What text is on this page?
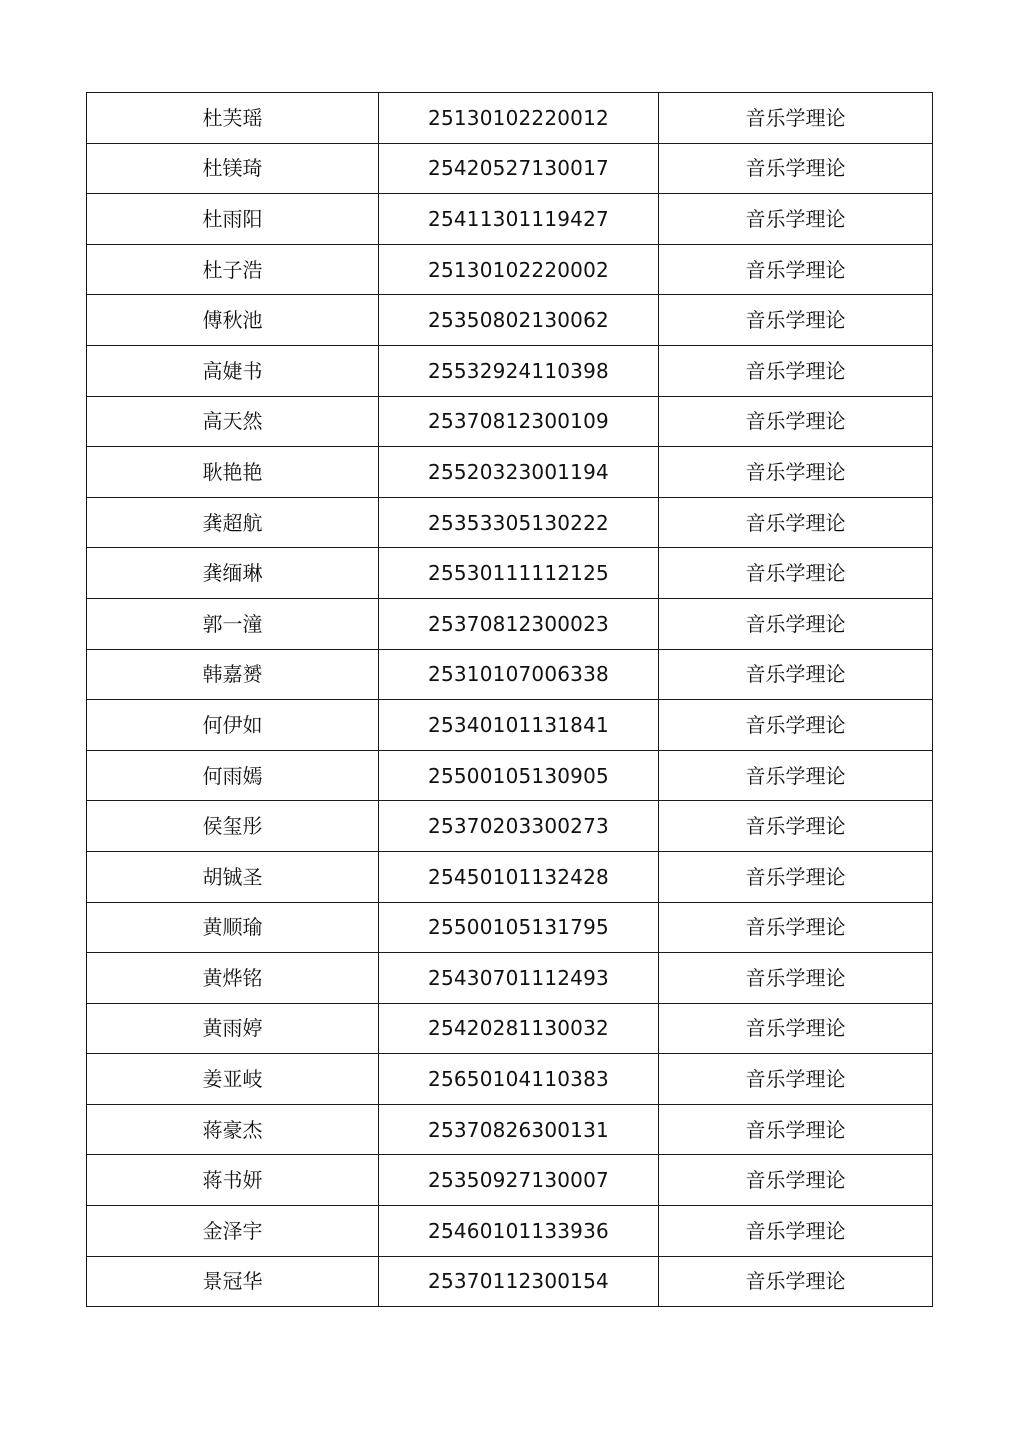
杜芙瑶	25130102220012	音乐学理论
杜镁琦	25420527130017	音乐学理论
杜雨阳	25411301119427	音乐学理论
杜子浩	25130102220002	音乐学理论
傅秋池	25350802130062	音乐学理论
高婕书	25532924110398	音乐学理论
高天然	25370812300109	音乐学理论
耿艳艳	25520323001194	音乐学理论
龚超航	25353305130222	音乐学理论
龚缅琳	25530111112125	音乐学理论
郭一潼	25370812300023	音乐学理论
韩嘉赟	25310107006338	音乐学理论
何伊如	25340101131841	音乐学理论
何雨嫣	25500105130905	音乐学理论
侯玺彤	25370203300273	音乐学理论
胡铖圣	25450101132428	音乐学理论
黄顺瑜	25500105131795	音乐学理论
黄烨铭	25430701112493	音乐学理论
黄雨婷	25420281130032	音乐学理论
姜亚岐	25650104110383	音乐学理论
蒋豪杰	25370826300131	音乐学理论
蒋书妍	25350927130007	音乐学理论
金泽宇	25460101133936	音乐学理论
景冠华	25370112300154	音乐学理论
